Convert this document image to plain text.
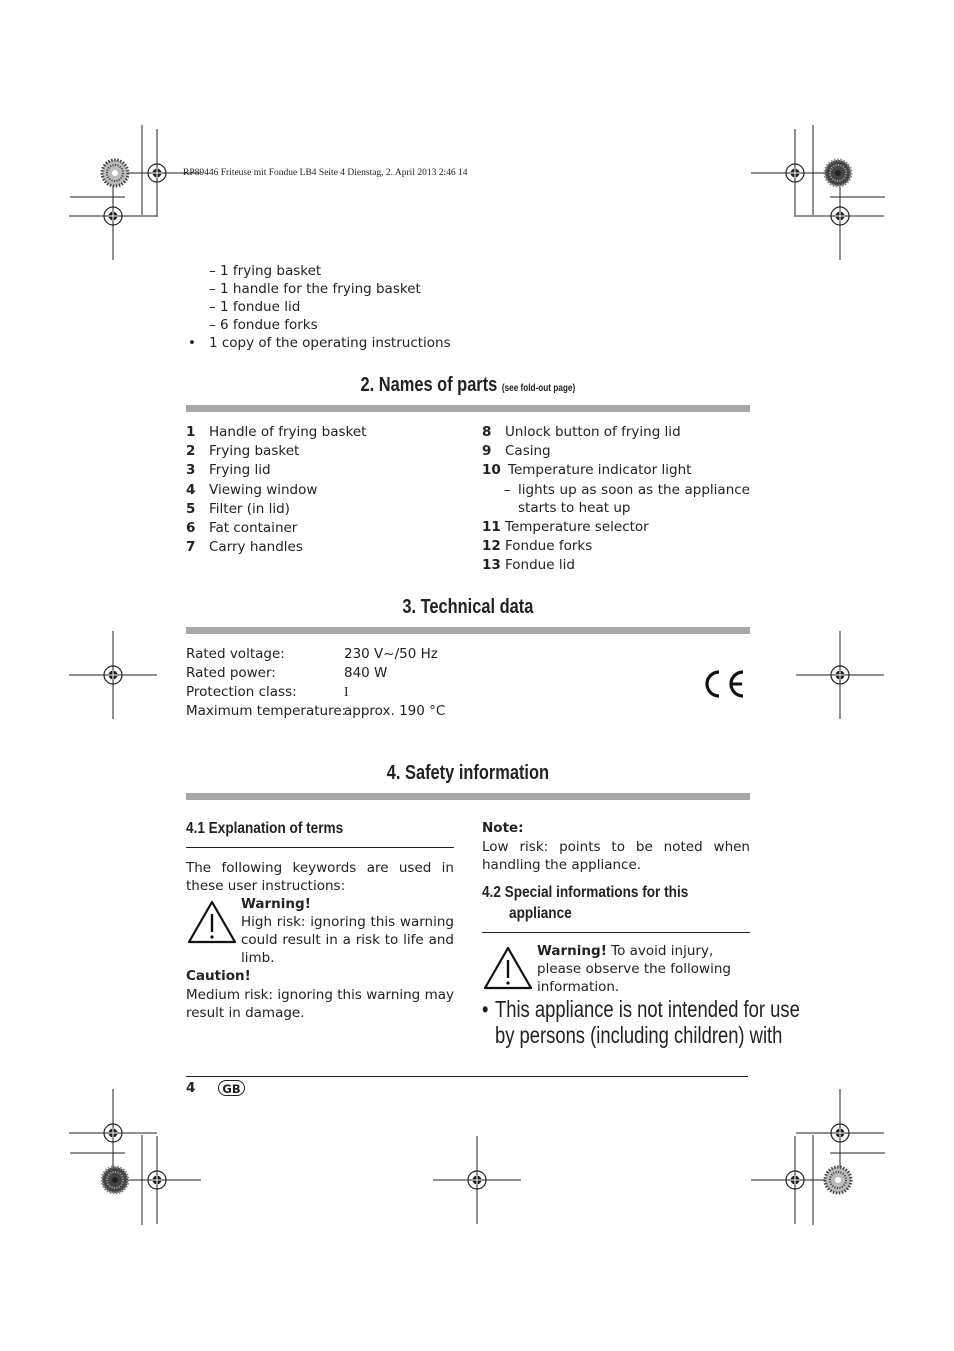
RP89446 Friteuse mit Fondue LB4 Seite 4 Dienstag, 2. April 2013 2:46 14
– 1 frying basket
– 1 handle for the frying basket
– 1 fondue lid
– 6 fondue forks
• 1 copy of the operating instructions
2. Names of parts (see fold-out page)
1 Handle of frying basket
2 Frying basket
3 Frying lid
4 Viewing window
5 Filter (in lid)
6 Fat container
7 Carry handles
8 Unlock button of frying lid
9 Casing
10 Temperature indicator light
– lights up as soon as the appliance starts to heat up
11 Temperature selector
12 Fondue forks
13 Fondue lid
3. Technical data
Rated voltage:	230 V~/50 Hz
Rated power:	840 W
Protection class:	I
Maximum temperature:
approx. 190 °C
4. Safety information
4.1 Explanation of terms
The following keywords are used in these user instructions:
Warning!
High risk: ignoring this warning could result in a risk to life and limb.
Caution!
Medium risk: ignoring this warning may result in damage.
Note:
Low risk: points to be noted when handling the appliance.
4.2 Special informations for this
appliance
Warning! To avoid injury, please observe the following information.
• This appliance is not intended for use
by persons (including children) with
4	GB
